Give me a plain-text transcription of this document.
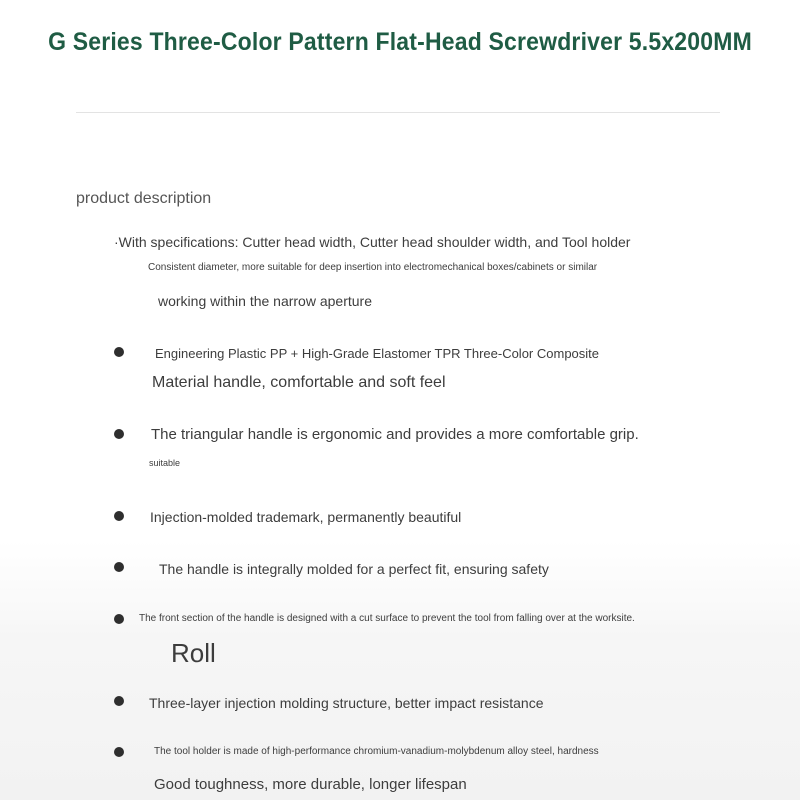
G Series Three-Color Pattern Flat-Head Screwdriver 5.5x200MM
product description
·With specifications: Cutter head width, Cutter head shoulder width, and Tool holder
Consistent diameter, more suitable for deep insertion into electromechanical boxes/cabinets or similar
working within the narrow aperture
Engineering Plastic PP + High-Grade Elastomer TPR Three-Color Composite
Material handle, comfortable and soft feel
The triangular handle is ergonomic and provides a more comfortable grip.
suitable
Injection-molded trademark, permanently beautiful
The handle is integrally molded for a perfect fit, ensuring safety
The front section of the handle is designed with a cut surface to prevent the tool from falling over at the worksite.
Roll
Three-layer injection molding structure, better impact resistance
The tool holder is made of high-performance chromium-vanadium-molybdenum alloy steel, hardness
Good toughness, more durable, longer lifespan
